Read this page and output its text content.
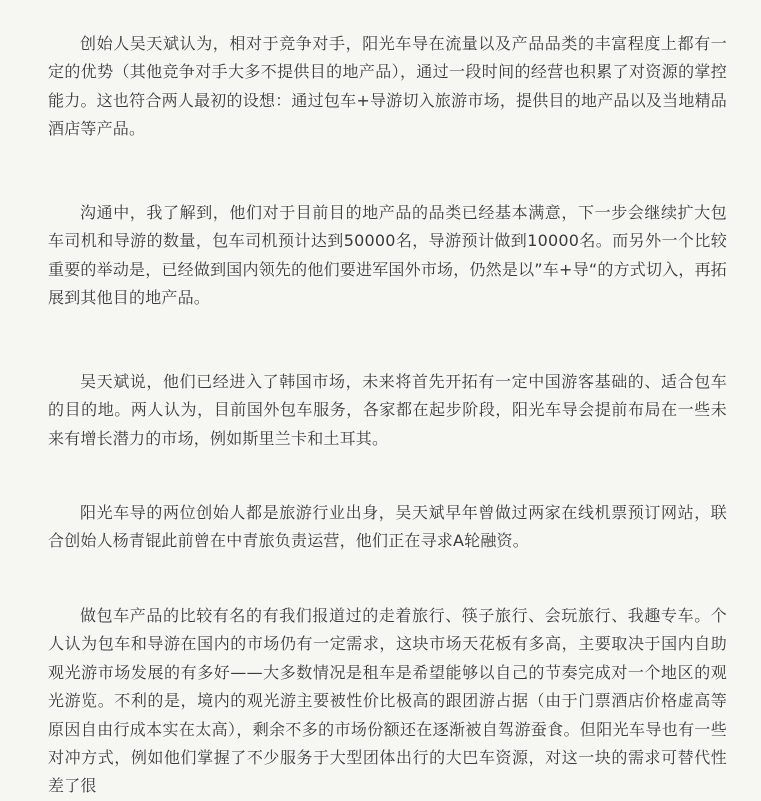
创始人吴天斌认为，相对于竞争对手，阳光车导在流量以及产品品类的丰富程度上都有一定的优势（其他竞争对手大多不提供目的地产品），通过一段时间的经营也积累了对资源的掌控能力。这也符合两人最初的设想：通过包车+导游切入旅游市场，提供目的地产品以及当地精品酒店等产品。

沟通中，我了解到，他们对于目前目的地产品的品类已经基本满意，下一步会继续扩大包车司机和导游的数量，包车司机预计达到50000名，导游预计做到10000名。而另外一个比较重要的举动是，已经做到国内领先的他们要进军国外市场，仍然是以”车+导“的方式切入，再拓展到其他目的地产品。

吴天斌说，他们已经进入了韩国市场，未来将首先开拓有一定中国游客基础的、适合包车的目的地。两人认为，目前国外包车服务，各家都在起步阶段，阳光车导会提前布局在一些未来有增长潜力的市场，例如斯里兰卡和土耳其。

阳光车导的两位创始人都是旅游行业出身，吴天斌早年曾做过两家在线机票预订网站，联合创始人杨青锟此前曾在中青旅负责运营，他们正在寻求A轮融资。

做包车产品的比较有名的有我们报道过的走着旅行、筷子旅行、会玩旅行、我趣专车。个人认为包车和导游在国内的市场仍有一定需求，这块市场天花板有多高，主要取决于国内自助观光游市场发展的有多好——大多数情况是租车是希望能够以自己的节奏完成对一个地区的观光游览。不利的是，境内的观光游主要被性价比极高的跟团游占据（由于门票酒店价格虚高等原因自由行成本实在太高），剩余不多的市场份额还在逐渐被自驾游蚕食。但阳光车导也有一些对冲方式，例如他们掌握了不少服务于大型团体出行的大巴车资源，对这一块的需求可替代性差了很
